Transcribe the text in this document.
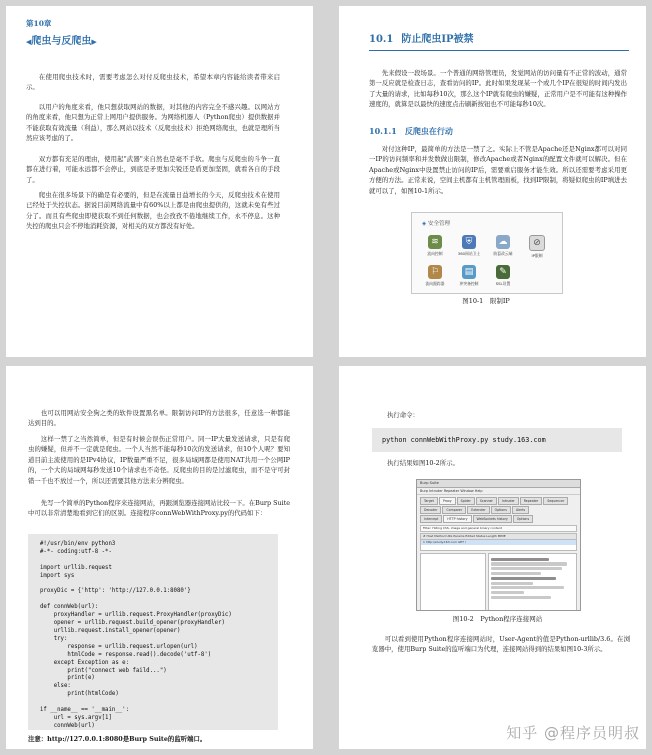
第10章
◀爬虫与反爬虫▶

在使用爬虫技术时，需要考虑怎么对付反爬虫技术，希望本章内容能给读者带来启示。

以用户的角度来看，他只想获取网站的数据，对其他的内容完全不感兴趣。以网站方的角度来看，他只想为正常上网用户提供服务。为网络机器人（Python爬虫）提供数据并不能获取有效流量（利益），那么网站以技术（反爬虫技术）拒绝网络爬虫，也就是理所当然应该考虑的了。

双方都有充足的理由，使用起"武器"来自然也是毫不手软。爬虫与反爬虫的斗争一直都在进行着，可能永远都不会停止，到底是矛更加尖锐还是盾更加坚固，就看各自的手段了。

爬虫在很多场景下的确是有必要的，但是在流量日益增长的今天，反爬虫技术在使用已经处于失控状态。据说目前网络流量中有60%以上都是由爬虫提供的，这就未免有些过分了。而且有些爬虫即使获取不到任何数据，也会孜孜不倦地继续工作，永不停息。这种失控的爬虫只会不停地消耗资源，对相关的双方都没有好处。

10.1 防止爬虫IP被禁

先来假设一段场景。一个普通的网络管理员，发觉网站的访问量有不正常的波动，通常第一反应就是检查日志，查看访问的IP。此时如果发现某一个或几个IP在很短的时间内发出了大量的请求，比如每秒10次，那么这个IP就有爬虫的嫌疑，正常用户是不可能有这种操作速度的，就算是以最快的速度点击刷新按钮也不可能每秒10次。

10.1.1 反爬虫在行动

对付这种IP，最简单的方法是一禁了之。实际上不管是Apache还是Nginx都可以对同一IP的访问频率和并发数做出限制，修改Apache或者Nginx的配置文件就可以解决。但在Apache或Nginx中设置禁止访问的IP后，需要重启服务才能生效。所以还需要考虑采用更方便的方法。正常来说，空间主机都有主机管理面板，找到IP限制，将疑似爬虫的IP填进去就可以了，如图10-1所示。

◈ 安全管理
≋
流向控制
⛨
360网站卫士
☁
防篡改云端
⊘
IP限制
⚐
流向跟踪器
▤
冲突备控制
✎
SSL设置
图10-1　限制IP

也可以用网站安全狗之类的软件设置黑名单。限制访问IP的方法很多，任意选一种都能达到目的。

这样一禁了之当然简单，但是有时候会误伤正常用户。同一IP大量发送请求，只是有爬虫的嫌疑，但并不一定就是爬虫。一个人当然不能每秒10次的发送请求，但10个人呢？要知道目前主流使用的是IPv4协议，IP数量严重不足，很多局域网都是使用NAT共用一个公网IP的，一个大的局域网每秒发送10个请求也不奇怪。反爬虫的目的是过滤爬虫，而不是守可封错一千也不放过一个，所以还需要其他方法来分辨爬虫。

先写一个简单的Python程序来连接网站，再跟浏览器连接网站比较一下。在Burp Suite中可以非常清楚地看到它们的区别。连接程序connWebWithProxy.py的代码如下：

#!/usr/bin/env python3
#-*- coding:utf-8 -*-

import urllib.request
import sys

proxyDic = {'http': 'http://127.0.0.1:8080'}

def connWeb(url):
proxyHandler = urllib.request.ProxyHandler(proxyDic)
opener = urllib.request.build_opener(proxyHandler)
urllib.request.install_opener(opener)
try:
response = urllib.request.urlopen(url)
htmlCode = response.read().decode('utf-8')
except Exception as e:
print("connect web faild...")
print(e)
else:
print(htmlCode)

if __name__ == '__main__':
url = sys.argv[1]
connWeb(url)

注意：http://127.0.0.1:8080是Burp Suite的监听端口。

执行命令：

python connWebWithProxy.py study.163.com

执行结果如图10-2所示。

Burp Suite
Burp Intruder Repeater Window Help
Target	Proxy	Spider	Scanner	Intruder	Repeater	Sequencer
Decoder	Comparer	Extender	Options	Alerts
Intercept	HTTP history	WebSockets history	Options
Filter: Hiding CSS, image and general binary content
# Host Method URL Params Edited Status Length MIME
1 http://study.163.com GET /
图10-2　Python程序连接网站

可以看到使用Python程序连接网站时，User-Agent的值是Python-urllib/3.6。在浏览器中，使用Burp Suite的监听端口为代理，连接网站得到的结果如图10-3所示。

知乎 @程序员明叔
